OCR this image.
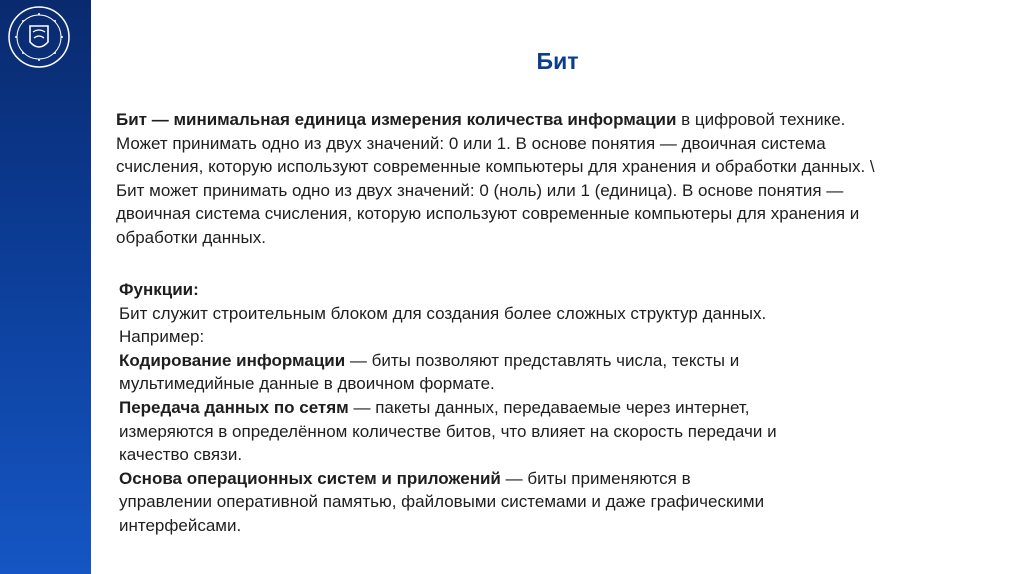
Бит
Бит — минимальная единица измерения количества информации в цифровой технике.
Может принимать одно из двух значений: 0 или 1. В основе понятия — двоичная система
счисления, которую используют современные компьютеры для хранения и обработки данных. \
Бит может принимать одно из двух значений: 0 (ноль) или 1 (единица). В основе понятия —
двоичная система счисления, которую используют современные компьютеры для хранения и
обработки данных.
Функции:
Бит служит строительным блоком для создания более сложных структур данных.
Например:
Кодирование информации — биты позволяют представлять числа, тексты и
мультимедийные данные в двоичном формате.
Передача данных по сетям — пакеты данных, передаваемые через интернет,
измеряются в определённом количестве битов, что влияет на скорость передачи и
качество связи.
Основа операционных систем и приложений — биты применяются в
управлении оперативной памятью, файловыми системами и даже графическими
интерфейсами.
